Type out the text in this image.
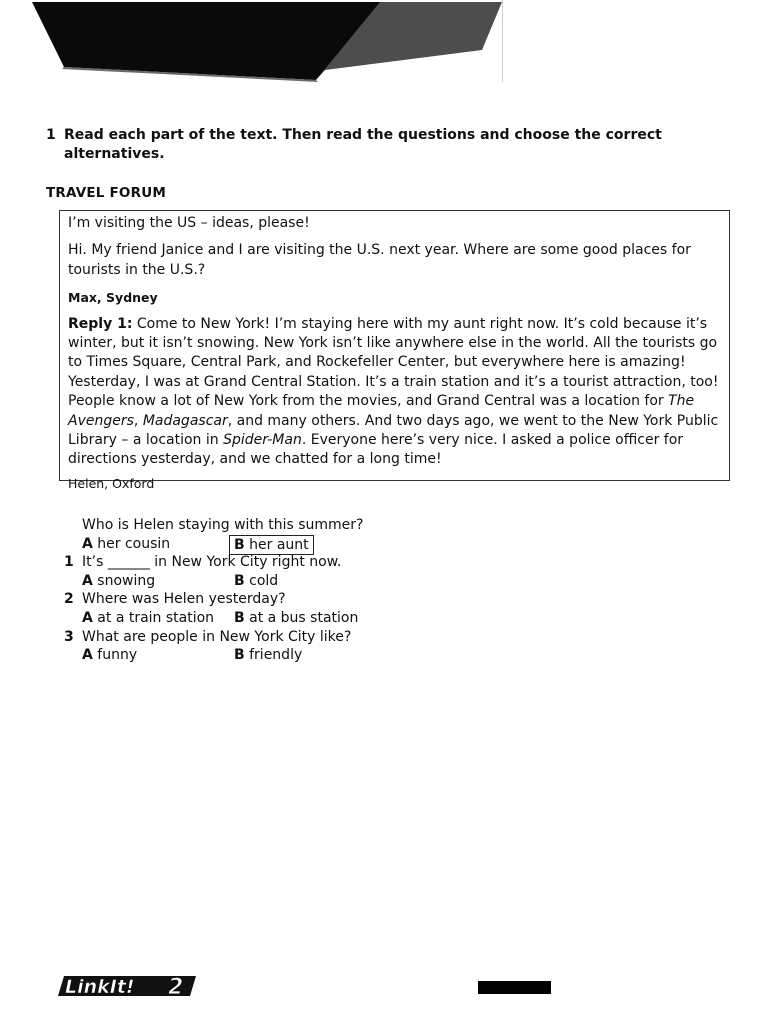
1 Read each part of the text. Then read the questions and choose the correct alternatives.
TRAVEL FORUM

I’m visiting the US – ideas, please!

Hi. My friend Janice and I are visiting the U.S. next year. Where are some good places for tourists in the U.S.?

Max, Sydney

Reply 1: Come to New York! I’m staying here with my aunt right now. It’s cold because it’s winter, but it isn’t snowing. New York isn’t like anywhere else in the world. All the tourists go to Times Square, Central Park, and Rockefeller Center, but everywhere here is amazing! Yesterday, I was at Grand Central Station. It’s a train station and it’s a tourist attraction, too! People know a lot of New York from the movies, and Grand Central was a location for The Avengers, Madagascar, and many others. And two days ago, we went to the New York Public Library – a location in Spider-Man. Everyone here’s very nice. I asked a police officer for directions yesterday, and we chatted for a long time!

Helen, Oxford

Who is Helen staying with this summer?
A her cousin	B her aunt
1 It’s ______ in New York City right now.
A snowing	B cold
2 Where was Helen yesterday?
A at a train station B at a bus station
3 What are people in New York City like?
A funny	B friendly
LinkIt! 2
